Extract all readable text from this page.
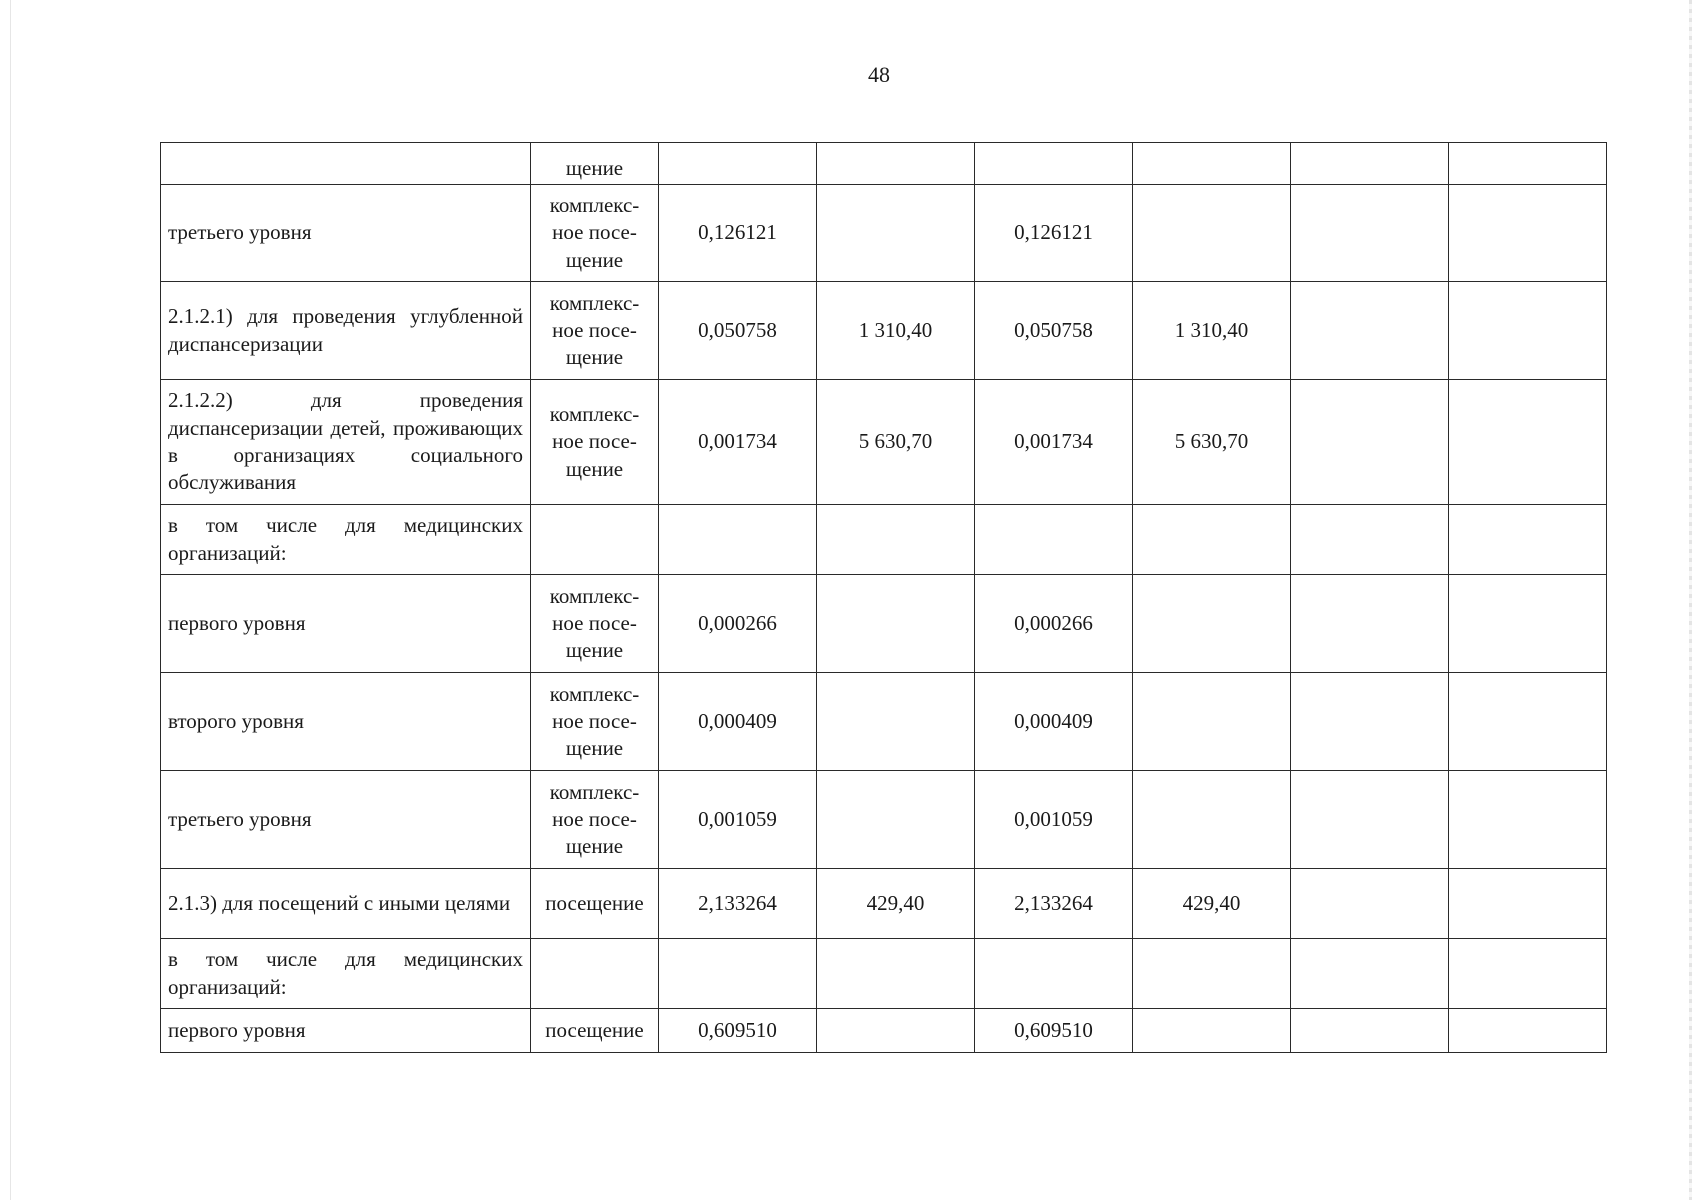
48
	щение						
третьего уровня	комплекс-ное посе-щение	0,126121		0,126121			
2.1.2.1) для проведения углубленной диспансеризации	комплекс-ное посе-щение	0,050758	1 310,40	0,050758	1 310,40		
2.1.2.2) для проведения диспансеризации детей, проживающих в организациях социального обслуживания	комплекс-ное посе-щение	0,001734	5 630,70	0,001734	5 630,70		
в том числе для медицинских организаций:							
первого уровня	комплекс-ное посе-щение	0,000266		0,000266			
второго уровня	комплекс-ное посе-щение	0,000409		0,000409			
третьего уровня	комплекс-ное посе-щение	0,001059		0,001059			
2.1.3) для посещений с иными целями	посещение	2,133264	429,40	2,133264	429,40		
в том числе для медицинских организаций:							
первого уровня	посещение	0,609510		0,609510			
